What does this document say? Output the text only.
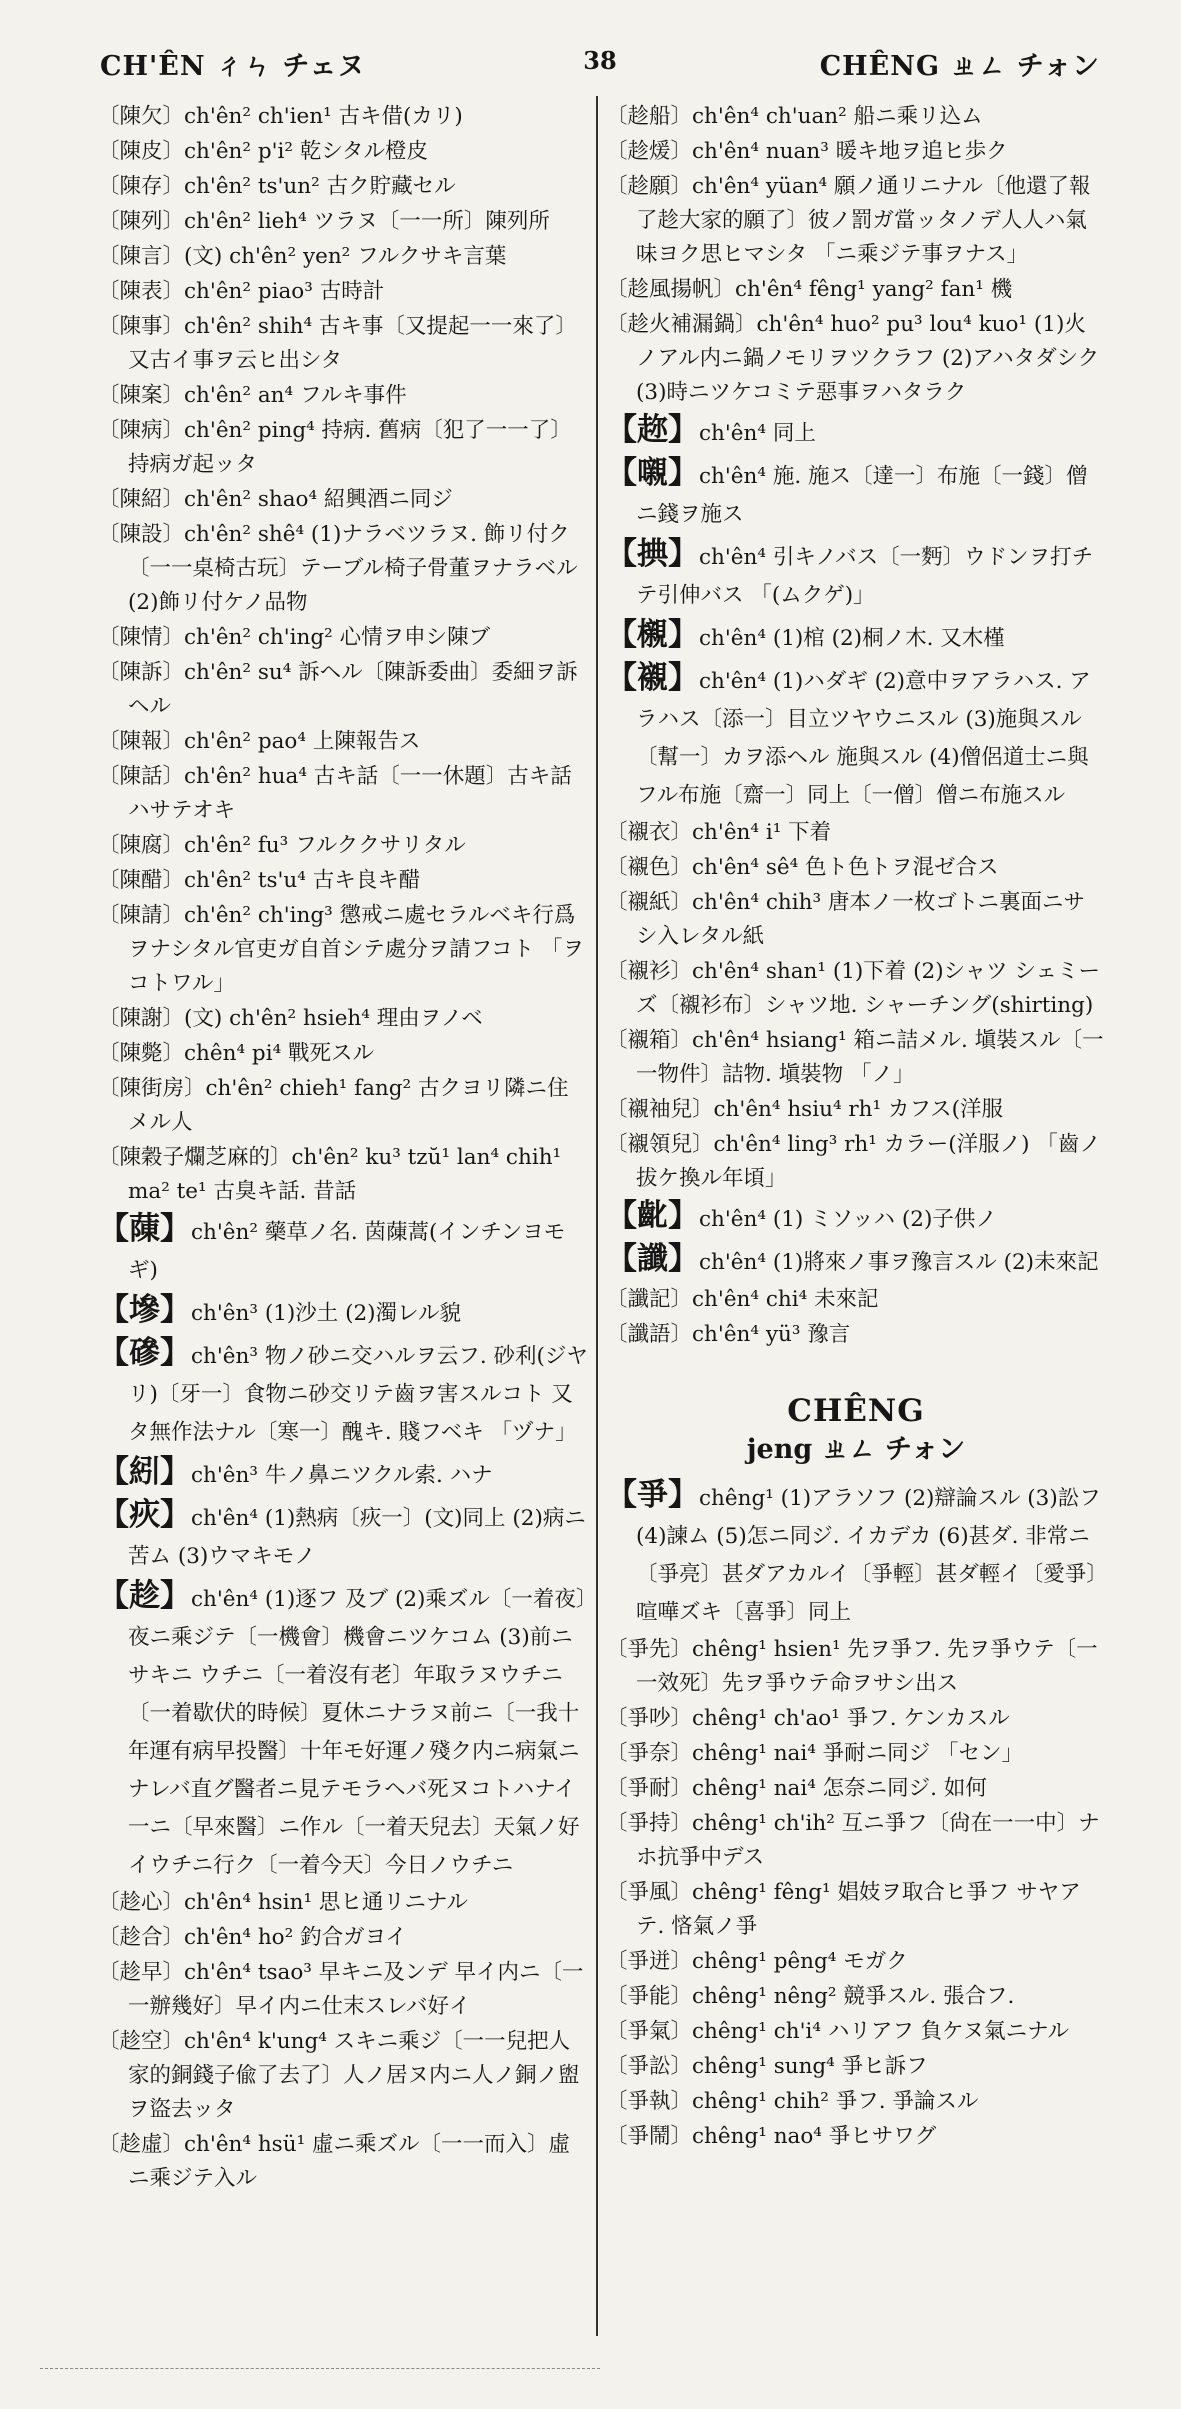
CH'ÊN ㄔㄣ チェヌ	38	CHÊNG ㄓㄥ チォン
〔陳欠〕ch'ên² ch'ien¹ 古キ借(カリ)
〔陳皮〕ch'ên² p'i² 乾シタル橙皮
〔陳存〕ch'ên² ts'un² 古ク貯藏セル
〔陳列〕ch'ên² lieh⁴ ツラヌ〔一一所〕陳列所
〔陳言〕(文) ch'ên² yen² フルクサキ言葉
〔陳表〕ch'ên² piao³ 古時計
〔陳事〕ch'ên² shih⁴ 古キ事〔又提起一一來了〕又古イ事ヲ云ヒ出シタ
〔陳案〕ch'ên² an⁴ フルキ事件
〔陳病〕ch'ên² ping⁴ 持病. 舊病〔犯了一一了〕持病ガ起ッタ
〔陳紹〕ch'ên² shao⁴ 紹興酒ニ同ジ
〔陳設〕ch'ên² shê⁴ (1)ナラベツラヌ. 飾リ付ク〔一一桌椅古玩〕テーブル椅子骨董ヲナラベル (2)飾リ付ケノ品物
〔陳情〕ch'ên² ch'ing² 心情ヲ申シ陳ブ
〔陳訴〕ch'ên² su⁴ 訴ヘル〔陳訴委曲〕委細ヲ訴ヘル
〔陳報〕ch'ên² pao⁴ 上陳報告ス
〔陳話〕ch'ên² hua⁴ 古キ話〔一一休題〕古キ話ハサテオキ
〔陳腐〕ch'ên² fu³ フルククサリタル
〔陳醋〕ch'ên² ts'u⁴ 古キ良キ醋
〔陳請〕ch'ên² ch'ing³ 懲戒ニ處セラルベキ行爲ヲナシタル官吏ガ自首シテ處分ヲ請フコト 「ヲコトワル」
〔陳謝〕(文) ch'ên² hsieh⁴ 理由ヲノベ
〔陳斃〕chên⁴ pi⁴ 戰死スル
〔陳街房〕ch'ên² chieh¹ fang² 古クヨリ隣ニ住メル人
〔陳穀子爛芝麻的〕ch'ên² ku³ tzŭ¹ lan⁴ chih¹ ma² te¹ 古臭キ話. 昔話
【蔯】ch'ên² 藥草ノ名. 茵蔯蒿(インチンヨモギ)
【墋】ch'ên³ (1)沙土 (2)濁レル貌
【磣】ch'ên³ 物ノ砂ニ交ハルヲ云フ. 砂利(ジヤリ)〔牙一〕食物ニ砂交リテ齒ヲ害スルコト 又タ無作法ナル〔寒一〕醜キ. 賤フベキ 「ヅナ」
【紖】ch'ên³ 牛ノ鼻ニツクル索. ハナ
【疢】ch'ên⁴ (1)熱病〔疢一〕(文)同上 (2)病ニ苦ム (3)ウマキモノ
【趁】ch'ên⁴ (1)逐フ 及ブ (2)乘ズル〔一着夜〕夜ニ乘ジテ〔一機會〕機會ニツケコム (3)前ニ サキニ ウチニ〔一着沒有老〕年取ラヌウチニ〔一着歇伏的時候〕夏休ニナラヌ前ニ〔一我十年運有病早投醫〕十年モ好運ノ殘ク内ニ病氣ニナレバ直グ醫者ニ見テモラヘバ死ヌコトハナイ 一ニ〔早來醫〕ニ作ル〔一着天兒去〕天氣ノ好イウチニ行ク〔一着今天〕今日ノウチニ
〔趁心〕ch'ên⁴ hsin¹ 思ヒ通リニナル
〔趁合〕ch'ên⁴ ho² 釣合ガヨイ
〔趁早〕ch'ên⁴ tsao³ 早キニ及ンデ 早イ内ニ〔一一辦幾好〕早イ内ニ仕末スレバ好イ
〔趁空〕ch'ên⁴ k'ung⁴ スキニ乘ジ〔一一兒把人家的銅錢子偸了去了〕人ノ居ヌ内ニ人ノ銅ノ盥ヲ盜去ッタ
〔趁虛〕ch'ên⁴ hsü¹ 虛ニ乘ズル〔一一而入〕虛ニ乘ジテ入ル
〔趁船〕ch'ên⁴ ch'uan² 船ニ乘リ込ム
〔趁煖〕ch'ên⁴ nuan³ 暖キ地ヲ追ヒ歩ク
〔趁願〕ch'ên⁴ yüan⁴ 願ノ通リニナル〔他還了報了趁大家的願了〕彼ノ罰ガ當ッタノデ人人ハ氣味ヨク思ヒマシタ 「ニ乘ジテ事ヲナス」
〔趁風揚帆〕ch'ên⁴ fêng¹ yang² fan¹ 機
〔趁火補漏鍋〕ch'ên⁴ huo² pu³ lou⁴ kuo¹ (1)火ノアル内ニ鍋ノモリヲツクラフ (2)アハタダシク (3)時ニツケコミテ惡事ヲハタラク
【趂】ch'ên⁴ 同上
【嚫】ch'ên⁴ 施. 施ス〔達一〕布施〔一錢〕僧ニ錢ヲ施ス
【捵】ch'ên⁴ 引キノバス〔一麪〕ウドンヲ打チテ引伸バス 「(ムクゲ)」
【櫬】ch'ên⁴ (1)棺 (2)桐ノ木. 又木槿
【襯】ch'ên⁴ (1)ハダギ (2)意中ヲアラハス. アラハス〔添一〕目立ツヤウニスル (3)施與スル〔幫一〕カヲ添ヘル 施與スル (4)僧侶道士ニ與フル布施〔齋一〕同上〔一僧〕僧ニ布施スル
〔襯衣〕ch'ên⁴ i¹ 下着
〔襯色〕ch'ên⁴ sê⁴ 色ト色トヲ混ゼ合ス
〔襯紙〕ch'ên⁴ chih³ 唐本ノ一枚ゴトニ裏面ニサシ入レタル紙
〔襯衫〕ch'ên⁴ shan¹ (1)下着 (2)シャツ シェミーズ〔襯衫布〕シャツ地. シャーチング(shirting)
〔襯箱〕ch'ên⁴ hsiang¹ 箱ニ詰メル. 塡裝スル〔一一物件〕詰物. 塡裝物 「ノ」
〔襯袖兒〕ch'ên⁴ hsiu⁴ rh¹ カフス(洋服
〔襯領兒〕ch'ên⁴ ling³ rh¹ カラー(洋服ノ) 「齒ノ拔ケ換ル年頃」
【齔】ch'ên⁴ (1) ミソッハ (2)子供ノ
【讖】ch'ên⁴ (1)將來ノ事ヲ豫言スル (2)未來記
〔讖記〕ch'ên⁴ chi⁴ 未來記
〔讖語〕ch'ên⁴ yü³ 豫言
CHÊNG
jeng ㄓㄥ チォン
【爭】chêng¹ (1)アラソフ (2)辯論スル (3)訟フ (4)諫ム (5)怎ニ同ジ. イカデカ (6)甚ダ. 非常ニ〔爭亮〕甚ダアカルイ〔爭輕〕甚ダ輕イ〔愛爭〕喧嘩ズキ〔喜爭〕同上
〔爭先〕chêng¹ hsien¹ 先ヲ爭フ. 先ヲ爭ウテ〔一一效死〕先ヲ爭ウテ命ヲサシ出ス
〔爭吵〕chêng¹ ch'ao¹ 爭フ. ケンカスル
〔爭奈〕chêng¹ nai⁴ 爭耐ニ同ジ 「セン」
〔爭耐〕chêng¹ nai⁴ 怎奈ニ同ジ. 如何
〔爭持〕chêng¹ ch'ih² 互ニ爭フ〔尙在一一中〕ナホ抗爭中デス
〔爭風〕chêng¹ fêng¹ 娼妓ヲ取合ヒ爭フ サヤアテ. 悋氣ノ爭
〔爭迸〕chêng¹ pêng⁴ モガク
〔爭能〕chêng¹ nêng² 競爭スル. 張合フ.
〔爭氣〕chêng¹ ch'i⁴ ハリアフ 負ケヌ氣ニナル
〔爭訟〕chêng¹ sung⁴ 爭ヒ訴フ
〔爭執〕chêng¹ chih² 爭フ. 爭論スル
〔爭鬧〕chêng¹ nao⁴ 爭ヒサワグ
